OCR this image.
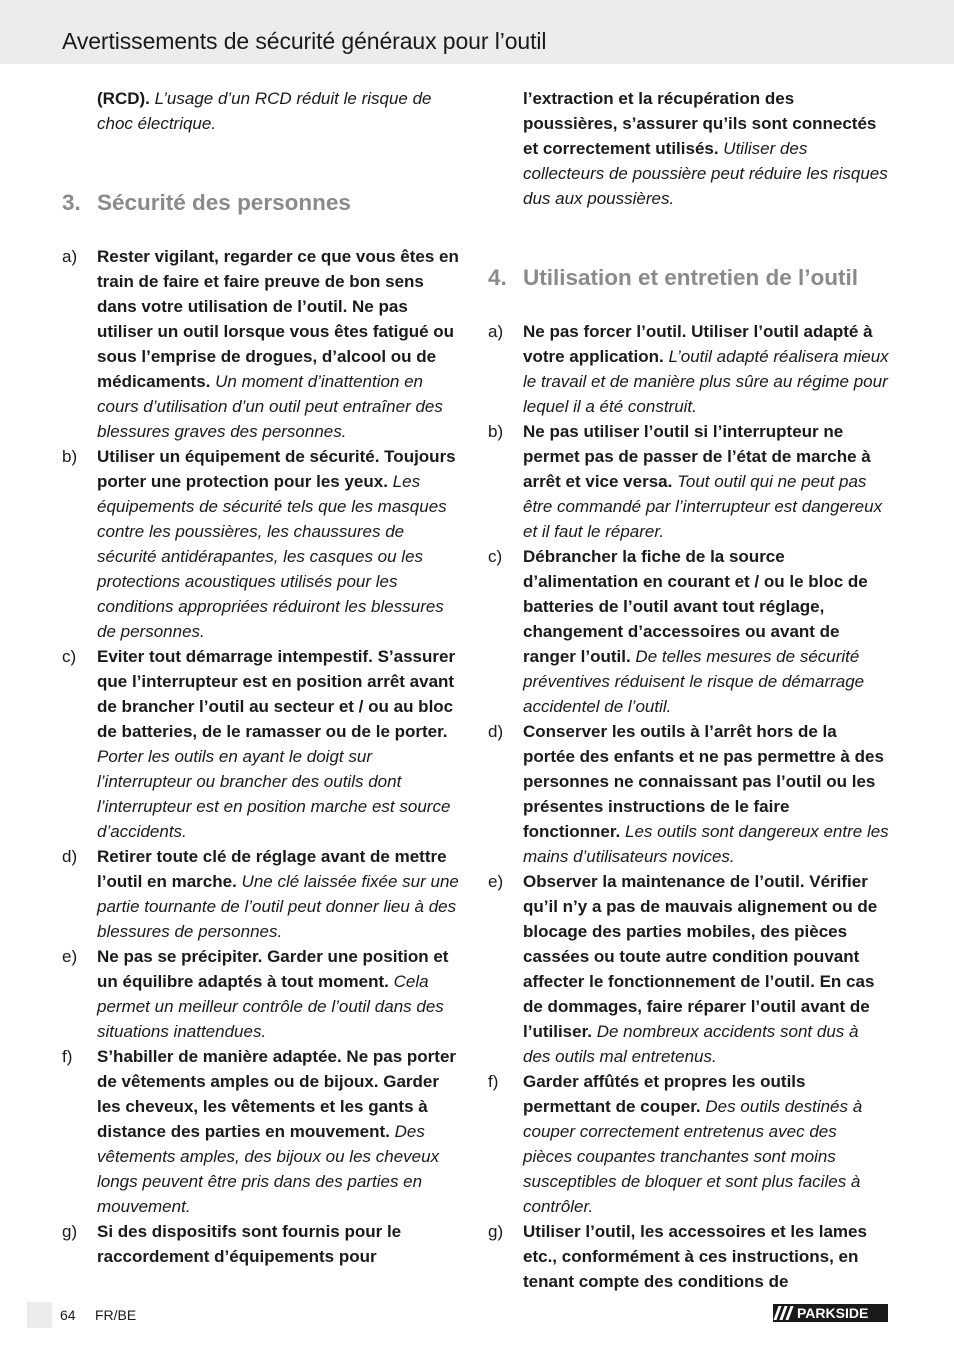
Avertissements de sécurité généraux pour l’outil

(RCD). L’usage d’un RCD réduit le risque de choc électrique.

3. Sécurité des personnes
a)	Rester vigilant, regarder ce que vous êtes en train de faire et faire preuve de bon sens dans votre utilisation de l’outil. Ne pas utiliser un outil lorsque vous êtes fatigué ou sous l’emprise de drogues, d’alcool ou de médicaments. Un moment d’inattention en cours d’utilisation d’un outil peut entraîner des blessures graves des personnes.
b)	Utiliser un équipement de sécurité. Toujours porter une protection pour les yeux. Les équipements de sécurité tels que les masques contre les poussières, les chaussures de sécurité antidérapantes, les casques ou les protections acoustiques utilisés pour les conditions appropriées réduiront les blessures de personnes.
c)	Eviter tout démarrage intempestif. S’assurer que l’interrupteur est en position arrêt avant de brancher l’outil au secteur et / ou au bloc de batteries, de le ramasser ou de le porter. Porter les outils en ayant le doigt sur l’interrupteur ou brancher des outils dont l’interrupteur est en position marche est source d’accidents.
d)	Retirer toute clé de réglage avant de mettre l’outil en marche. Une clé laissée fixée sur une partie tournante de l’outil peut donner lieu à des blessures de personnes.
e)	Ne pas se précipiter. Garder une position et un équilibre adaptés à tout moment. Cela permet un meilleur contrôle de l’outil dans des situations inattendues.
f)	S’habiller de manière adaptée. Ne pas porter de vêtements amples ou de bijoux. Garder les cheveux, les vêtements et les gants à distance des parties en mouvement. Des vêtements amples, des bijoux ou les cheveux longs peuvent être pris dans des parties en mouvement.
g)	Si des dispositifs sont fournis pour le raccordement d’équipements pour

l’extraction et la récupération des poussières, s’assurer qu’ils sont connectés et correctement utilisés. Utiliser des collecteurs de poussière peut réduire les risques dus aux poussières.

4. Utilisation et entretien de l’outil
a)	Ne pas forcer l’outil. Utiliser l’outil adapté à votre application. L’outil adapté réalisera mieux le travail et de manière plus sûre au régime pour lequel il a été construit.
b)	Ne pas utiliser l’outil si l’interrupteur ne permet pas de passer de l’état de marche à arrêt et vice versa. Tout outil qui ne peut pas être commandé par l’interrupteur est dangereux et il faut le réparer.
c)	Débrancher la fiche de la source d’alimentation en courant et / ou le bloc de batteries de l’outil avant tout réglage, changement d’accessoires ou avant de ranger l’outil. De telles mesures de sécurité préventives réduisent le risque de démarrage accidentel de l’outil.
d)	Conserver les outils à l’arrêt hors de la portée des enfants et ne pas permettre à des personnes ne connaissant pas l’outil ou les présentes instructions de le faire fonctionner. Les outils sont dangereux entre les mains d’utilisateurs novices.
e)	Observer la maintenance de l’outil. Vérifier qu’il n’y a pas de mauvais alignement ou de blocage des parties mobiles, des pièces cassées ou toute autre condition pouvant affecter le fonctionnement de l’outil. En cas de dommages, faire réparer l’outil avant de l’utiliser. De nombreux accidents sont dus à des outils mal entretenus.
f)	Garder affûtés et propres les outils permettant de couper. Des outils destinés à couper correctement entretenus avec des pièces coupantes tranchantes sont moins susceptibles de bloquer et sont plus faciles à contrôler.
g)	Utiliser l’outil, les accessoires et les lames etc., conformément à ces instructions, en tenant compte des conditions de
64 FR/BE	PARKSIDE
